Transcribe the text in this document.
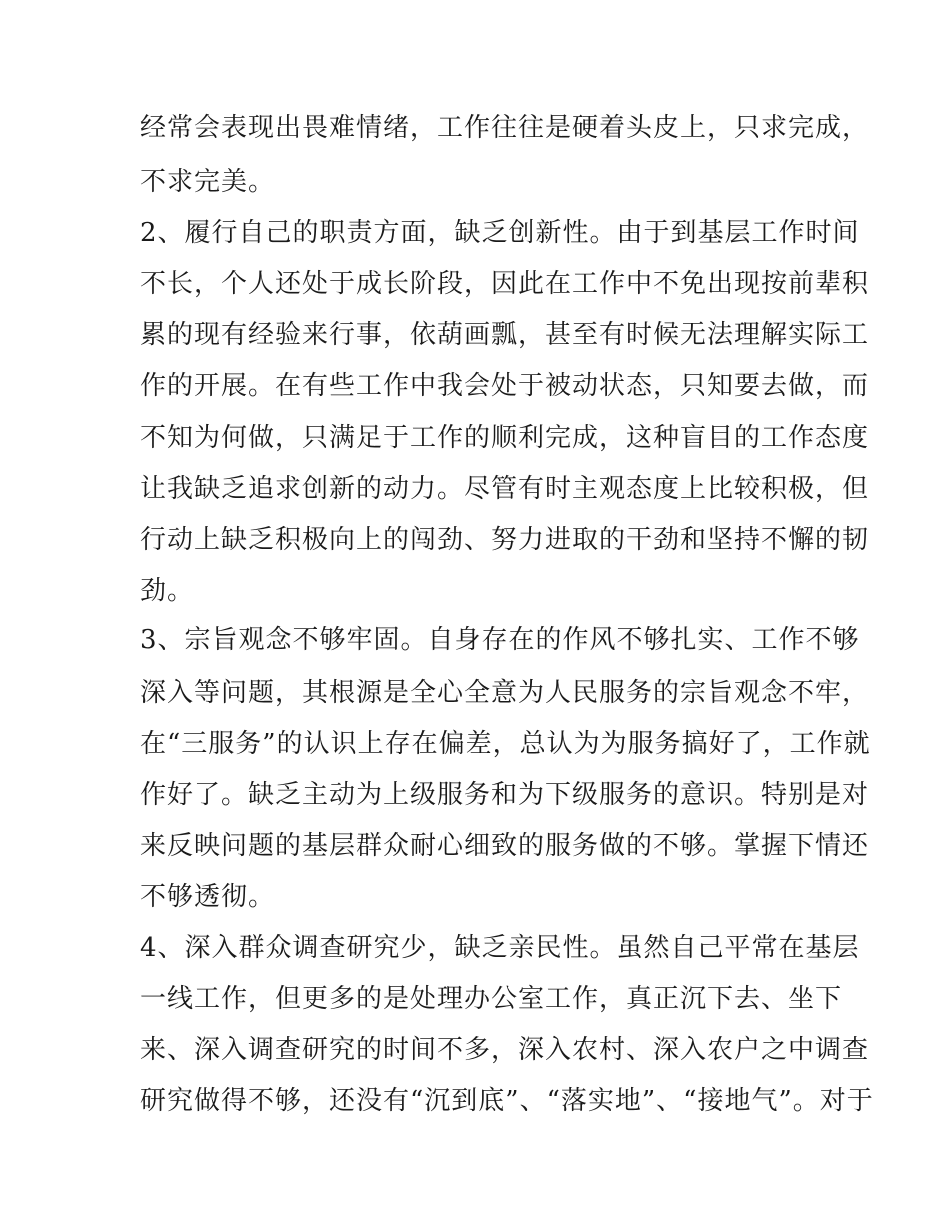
经常会表现出畏难情绪，工作往往是硬着头皮上，只求完成，
不求完美。
2、履行自己的职责方面，缺乏创新性。由于到基层工作时间
不长，个人还处于成长阶段，因此在工作中不免出现按前辈积
累的现有经验来行事，依葫画瓢，甚至有时候无法理解实际工
作的开展。在有些工作中我会处于被动状态，只知要去做，而
不知为何做，只满足于工作的顺利完成，这种盲目的工作态度
让我缺乏追求创新的动力。尽管有时主观态度上比较积极，但
行动上缺乏积极向上的闯劲、努力进取的干劲和坚持不懈的韧
劲。
3、宗旨观念不够牢固。自身存在的作风不够扎实、工作不够
深入等问题，其根源是全心全意为人民服务的宗旨观念不牢，
在“三服务”的认识上存在偏差，总认为为服务搞好了，工作就
作好了。缺乏主动为上级服务和为下级服务的意识。特别是对
来反映问题的基层群众耐心细致的服务做的不够。掌握下情还
不够透彻。
4、深入群众调查研究少，缺乏亲民性。虽然自己平常在基层
一线工作，但更多的是处理办公室工作，真正沉下去、坐下
来、深入调查研究的时间不多，深入农村、深入农户之中调查
研究做得不够，还没有“沉到底”、“落实地”、“接地气”。对于
